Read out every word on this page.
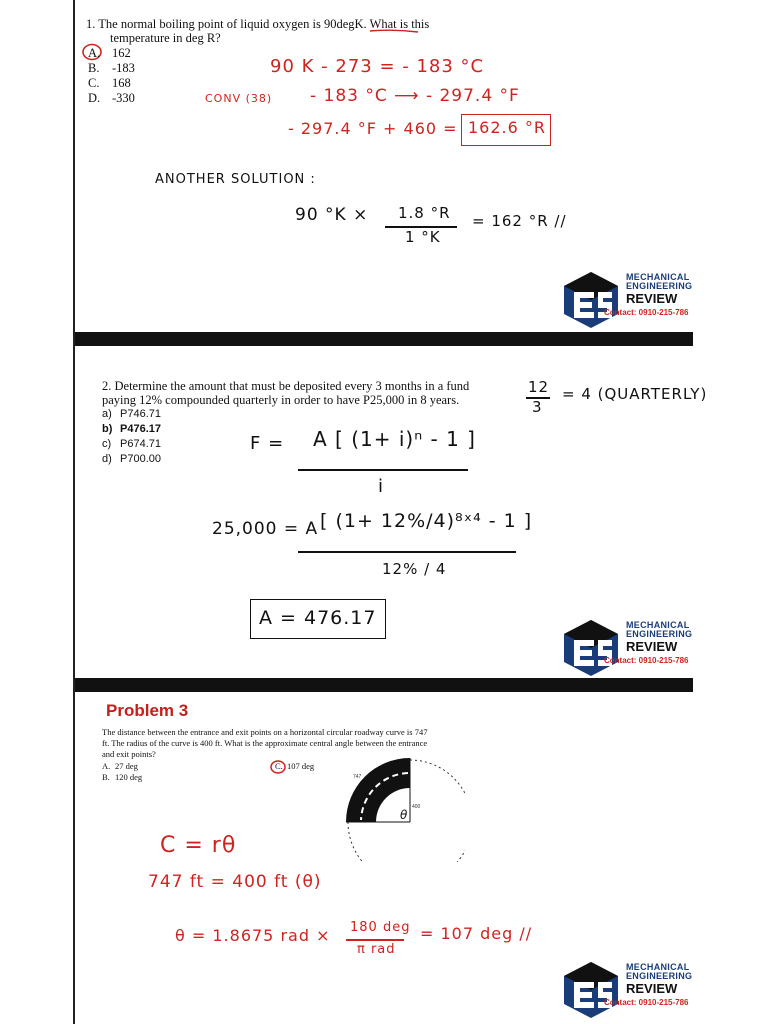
1. The normal boiling point of liquid oxygen is 90degK. What is this
temperature in deg R?
A. 162
B. -183
C. 168
D. -330
90 K - 273 = - 183 °C
CONV (38) - 183 °C ⟶ - 297.4 °F
- 297.4 °F + 460 = 162.6 °R
ANOTHER SOLUTION :
90 °K × 1.8 °R
1 °K
= 162 °R //
MECHANICAL
ENGINEERING
REVIEW
Contact: 0910-215-786
2. Determine the amount that must be deposited every 3 months in a fund
paying 12% compounded quarterly in order to have P25,000 in 8 years.
a) P746.71
b) P476.17
c) P674.71
d) P700.00
12
3
= 4 (QUARTERLY)
F = A [ (1+ i)ⁿ - 1 ]
i
25,000 = A [ (1+ 12%/4)⁸ˣ⁴ - 1 ]
12% / 4
A = 476.17	MECHANICAL
ENGINEERING
REVIEW
Contact: 0910-215-786
Problem 3
The distance between the entrance and exit points on a horizontal circular roadway curve is 747
ft. The radius of the curve is 400 ft. What is the approximate central angle between the entrance
and exit points?
A. 27 deg
B. 120 deg
C. 107 deg
747
400
θ
C = rθ
747 ft = 400 ft (θ)
θ = 1.8675 rad × 180 deg
π rad
= 107 deg //
MECHANICAL
ENGINEERING
REVIEW
Contact: 0910-215-786
